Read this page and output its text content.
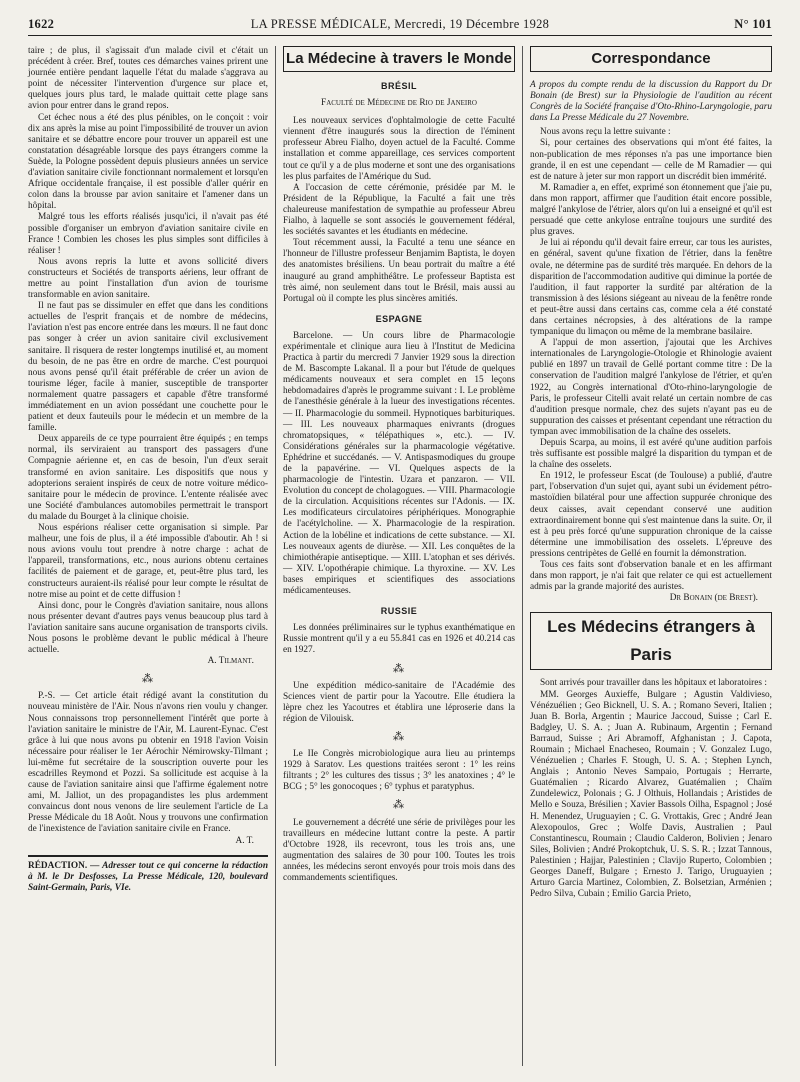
1622	LA PRESSE MÉDICALE, Mercredi, 19 Décembre 1928	N° 101

taire ; de plus, il s'agissait d'un malade civil et c'était un précédent à créer. Bref, toutes ces démarches vaines prirent une journée entière pendant laquelle l'état du malade s'aggrava au point de nécessiter l'intervention d'urgence sur place et, quelques jours plus tard, le malade quittait cette plage sans avion pour entrer dans le grand repos.

Cet échec nous a été des plus pénibles, on le conçoit : voir dix ans après la mise au point l'impossibilité de trouver un avion sanitaire et se débattre encore pour trouver un appareil est une constatation désagréable lorsque des pays étrangers comme la Suède, la Pologne possèdent depuis plusieurs années un service d'aviation sanitaire civile fonctionnant normalement et lorsqu'en Afrique occidentale française, il est possible d'aller quérir en colon dans la brousse par avion sanitaire et l'amener dans un hôpital.

Malgré tous les efforts réalisés jusqu'ici, il n'avait pas été possible d'organiser un embryon d'aviation sanitaire civile en France ! Combien les choses les plus simples sont difficiles à réaliser !

Nous avons repris la lutte et avons sollicité divers constructeurs et Sociétés de transports aériens, leur offrant de mettre au point l'installation d'un avion de tourisme transformable en avion sanitaire.

Il ne faut pas se dissimuler en effet que dans les conditions actuelles de l'esprit français et de nombre de médecins, l'aviation n'est pas encore entrée dans les mœurs. Il ne faut donc pas songer à créer un avion sanitaire civil exclusivement sanitaire. Il risquera de rester longtemps inutilisé et, au moment du besoin, de ne pas être en ordre de marche. C'est pourquoi nous avons pensé qu'il était préférable de créer un avion de tourisme léger, facile à manier, susceptible de transporter normalement quatre passagers et capable d'être transformé immédiatement en un avion possédant une couchette pour le patient et deux fauteuils pour le médecin et un membre de la famille.

Deux appareils de ce type pourraient être équipés ; en temps normal, ils serviraient au transport des passagers d'une Compagnie aérienne et, en cas de besoin, l'un d'eux serait transformé en avion sanitaire. Les dispositifs que nous y adopterions seraient inspirés de ceux de notre voiture médico-sanitaire pour le médecin de province. L'entente réalisée avec une Société d'ambulances automobiles permettrait le transport du malade du Bourget à la clinique choisie.

Nous espérions réaliser cette organisation si simple. Par malheur, une fois de plus, il a été impossible d'aboutir. Ah ! si nous avions voulu tout prendre à notre charge : achat de l'appareil, transformations, etc., nous aurions obtenu certaines facilités de paiement et de garage, et, peut-être plus tard, les constructeurs auraient-ils réalisé pour leur compte le résultat de notre mise au point et de cette diffusion !

Ainsi donc, pour le Congrès d'aviation sanitaire, nous allons nous présenter devant d'autres pays venus beaucoup plus tard à l'aviation sanitaire sans aucune organisation de transports civils. Nous posons le problème devant le public médical à l'heure actuelle.

A. Tilmant.
⁂

P.-S. — Cet article était rédigé avant la constitution du nouveau ministère de l'Air. Nous n'avons rien voulu y changer. Nous connaissons trop personnellement l'intérêt que porte à l'aviation sanitaire le ministre de l'Air, M. Laurent-Eynac. C'est grâce à lui que nous avons pu obtenir en 1918 l'avion Voisin nécessaire pour réaliser le 1er Aérochir Némirowsky-Tilmant ; lui-même fut secrétaire de la souscription ouverte pour les escadrilles Reymond et Pozzi. Sa sollicitude est acquise à la cause de l'aviation sanitaire ainsi que l'affirme également notre ami, M. Jalliot, un des propagandistes les plus ardemment convaincus dont nous venons de lire seulement l'article de La Presse Médicale du 18 Août. Nous y trouvons une confirmation de l'inexistence de l'aviation sanitaire civile en France.

A. T.
RÉDACTION. — Adresser tout ce qui concerne la rédaction à M. le Dr Desfosses, La Presse Médicale, 120, boulevard Saint-Germain, Paris, VIe.
La Médecine à travers le Monde
BRÉSIL
Faculté de Médecine de Rio de Janeiro

Les nouveaux services d'ophtalmologie de cette Faculté viennent d'être inaugurés sous la direction de l'éminent professeur Abreu Fialho, doyen actuel de la Faculté. Comme installation et comme appareillage, ces services comportent tout ce qu'il y a de plus moderne et sont une des organisations les plus parfaites de l'Amérique du Sud.

A l'occasion de cette cérémonie, présidée par M. le Président de la République, la Faculté a fait une très chaleureuse manifestation de sympathie au professeur Abreu Fialho, à laquelle se sont associés le gouvernement fédéral, les sociétés savantes et les étudiants en médecine.

Tout récemment aussi, la Faculté a tenu une séance en l'honneur de l'illustre professeur Benjamim Baptista, le doyen des anatomistes brésiliens. Un beau portrait du maître a été inauguré au grand amphithéâtre. Le professeur Baptista est très aimé, non seulement dans tout le Brésil, mais aussi au Portugal où il compte les plus sincères amitiés.

ESPAGNE

Barcelone. — Un cours libre de Pharmacologie expérimentale et clinique aura lieu à l'Institut de Medicina Practica à partir du mercredi 7 Janvier 1929 sous la direction de M. Bascompte Lakanal. Il a pour but l'étude de quelques médicaments nouveaux et sera complet en 15 leçons hebdomadaires d'après le programme suivant : I. Le problème de l'anesthésie générale à la lueur des investigations récentes. — II. Pharmacologie du sommeil. Hypnotiques barbituriques. — III. Les nouveaux pharmaques enivrants (drogues chromatopsiques, « télépathiques », etc.). — IV. Considérations générales sur la pharmacologie végétative. Ephédrine et succédanés. — V. Antispasmodiques du groupe de la papavérine. — VI. Quelques aspects de la pharmacologie de l'intestin. Uzara et panzaron. — VII. Evolution du concept de cholagogues. — VIII. Pharmacologie de la circulation. Acquisitions récentes sur l'Adonis. — IX. Les modificateurs circulatoires périphériques. Monographie de l'acétylcholine. — X. Pharmacologie de la respiration. Action de la lobéline et indications de cette substance. — XI. Les nouveaux agents de diurèse. — XII. Les conquêtes de la chimiothérapie antiseptique. — XIII. L'atophan et ses dérivés. — XIV. L'opothérapie chimique. La thyroxine. — XV. Les bases empiriques et scientifiques des associations médicamenteuses.

RUSSIE

Les données préliminaires sur le typhus exanthématique en Russie montrent qu'il y a eu 55.841 cas en 1926 et 40.214 cas en 1927.

⁂

Une expédition médico-sanitaire de l'Académie des Sciences vient de partir pour la Yacoutre. Elle étudiera la lèpre chez les Yacoutres et établira une léproserie dans la région de Vilouisk.

⁂

Le IIe Congrès microbiologique aura lieu au printemps 1929 à Saratov. Les questions traitées seront : 1° les reins filtrants ; 2° les cultures des tissus ; 3° les anatoxines ; 4° le BCG ; 5° les gonocoques ; 6° typhus et paratyphus.

⁂

Le gouvernement a décrété une série de privilèges pour les travailleurs en médecine luttant contre la peste. A partir d'Octobre 1928, ils recevront, tous les trois ans, une augmentation des salaires de 30 pour 100. Toutes les trois années, les médecins seront envoyés pour trois mois dans des commandements scientifiques.

Correspondance
A propos du compte rendu de la discussion du Rapport du Dr Bonain (de Brest) sur la Physiologie de l'audition au récent Congrès de la Société française d'Oto-Rhino-Laryngologie, paru dans La Presse Médicale du 27 Novembre.

Nous avons reçu la lettre suivante :

Si, pour certaines des observations qui m'ont été faites, la non-publication de mes réponses n'a pas une importance bien grande, il en est une cependant — celle de M Ramadier — qui est de nature à jeter sur mon rapport un discrédit bien immérité.

M. Ramadier a, en effet, exprimé son étonnement que j'aie pu, dans mon rapport, affirmer que l'audition était encore possible, malgré l'ankylose de l'étrier, alors qu'on lui a enseigné et qu'il est persuadé que cette ankylose entraîne toujours une surdité des plus graves.

Je lui ai répondu qu'il devait faire erreur, car tous les auristes, en général, savent qu'une fixation de l'étrier, dans la fenêtre ovale, ne détermine pas de surdité très marquée. En dehors de la disparition de l'accommodation auditive qui diminue la portée de l'audition, il faut rapporter la surdité par altération de la transmission à des lésions siégeant au niveau de la fenêtre ronde et peut-être aussi dans certains cas, comme cela a été constaté dans certaines nécropsies, à des altérations de la rampe tympanique du limaçon ou même de la membrane basilaire.

A l'appui de mon assertion, j'ajoutai que les Archives internationales de Laryngologie-Otologie et Rhinologie avaient publié en 1897 un travail de Gellé portant comme titre : De la conservation de l'audition malgré l'ankylose de l'étrier, et qu'en 1922, au Congrès international d'Oto-rhino-laryngologie de Paris, le professeur Citelli avait relaté un certain nombre de cas d'audition presque normale, chez des sujets n'ayant pas eu de suppuration des caisses et présentant cependant une rétraction du tympan avec immobilisation de la chaîne des osselets.

Depuis Scarpa, au moins, il est avéré qu'une audition parfois très suffisante est possible malgré la disparition du tympan et de la chaîne des osselets.

En 1912, le professeur Escat (de Toulouse) a publié, d'autre part, l'observation d'un sujet qui, ayant subi un évidement pétro-mastoïdien bilatéral pour une affection suppurée chronique des deux caisses, avait cependant conservé une audition extraordinairement bonne qui s'est maintenue dans la suite. Or, il est à peu près forcé qu'une suppuration chronique de la caisse détermine une immobilisation des osselets. L'épreuve des pressions centripètes de Gellé en fournit la démonstration.

Tous ces faits sont d'observation banale et en les affirmant dans mon rapport, je n'ai fait que relater ce qui est actuellement admis par la grande majorité des auristes.

Dr Bonain (de Brest).
Les Médecins étrangers à Paris

Sont arrivés pour travailler dans les hôpitaux et laboratoires :

MM. Georges Auxieffe, Bulgare ; Agustin Valdivieso, Vénézuélien ; Geo Bicknell, U. S. A. ; Romano Severi, Italien ; Juan B. Borla, Argentin ; Maurice Jaccoud, Suisse ; Carl E. Badgley, U. S. A. ; Juan A. Rubinaum, Argentin ; Fernand Barraud, Suisse ; Ari Abramoff, Afghanistan ; J. Capota, Roumain ; Michael Enacheseo, Roumain ; V. Gonzalez Lugo, Vénézuelien ; Charles F. Stough, U. S. A. ; Stephen Lynch, Anglais ; Antonio Neves Sampaio, Portugais ; Herrarte, Guatémalien ; Ricardo Alvarez, Guatémalien ; Chaïm Zundelewicz, Polonais ; G. J Olthuis, Hollandais ; Aristides de Mello e Souza, Brésilien ; Xavier Bassols Oilha, Espagnol ; José H. Menendez, Uruguayien ; C. G. Vrottakis, Grec ; André Jean Alexopoulos, Grec ; Wolfe Davis, Australien ; Paul Constantinescu, Roumain ; Claudio Calderon, Bolivien ; Jenaro Siles, Bolivien ; André Prokoptchuk, U. S. S. R. ; Izzat Tannous, Palestinien ; Hajjar, Palestinien ; Clavijo Ruperto, Colombien ; Georges Daneff, Bulgare ; Ernesto J. Tarigo, Uruguayien ; Arturo Garcia Martinez, Colombien, Z. Bolsetzian, Arménien ; Pedro Silva, Cubain ; Emilio Garcia Prieto,
